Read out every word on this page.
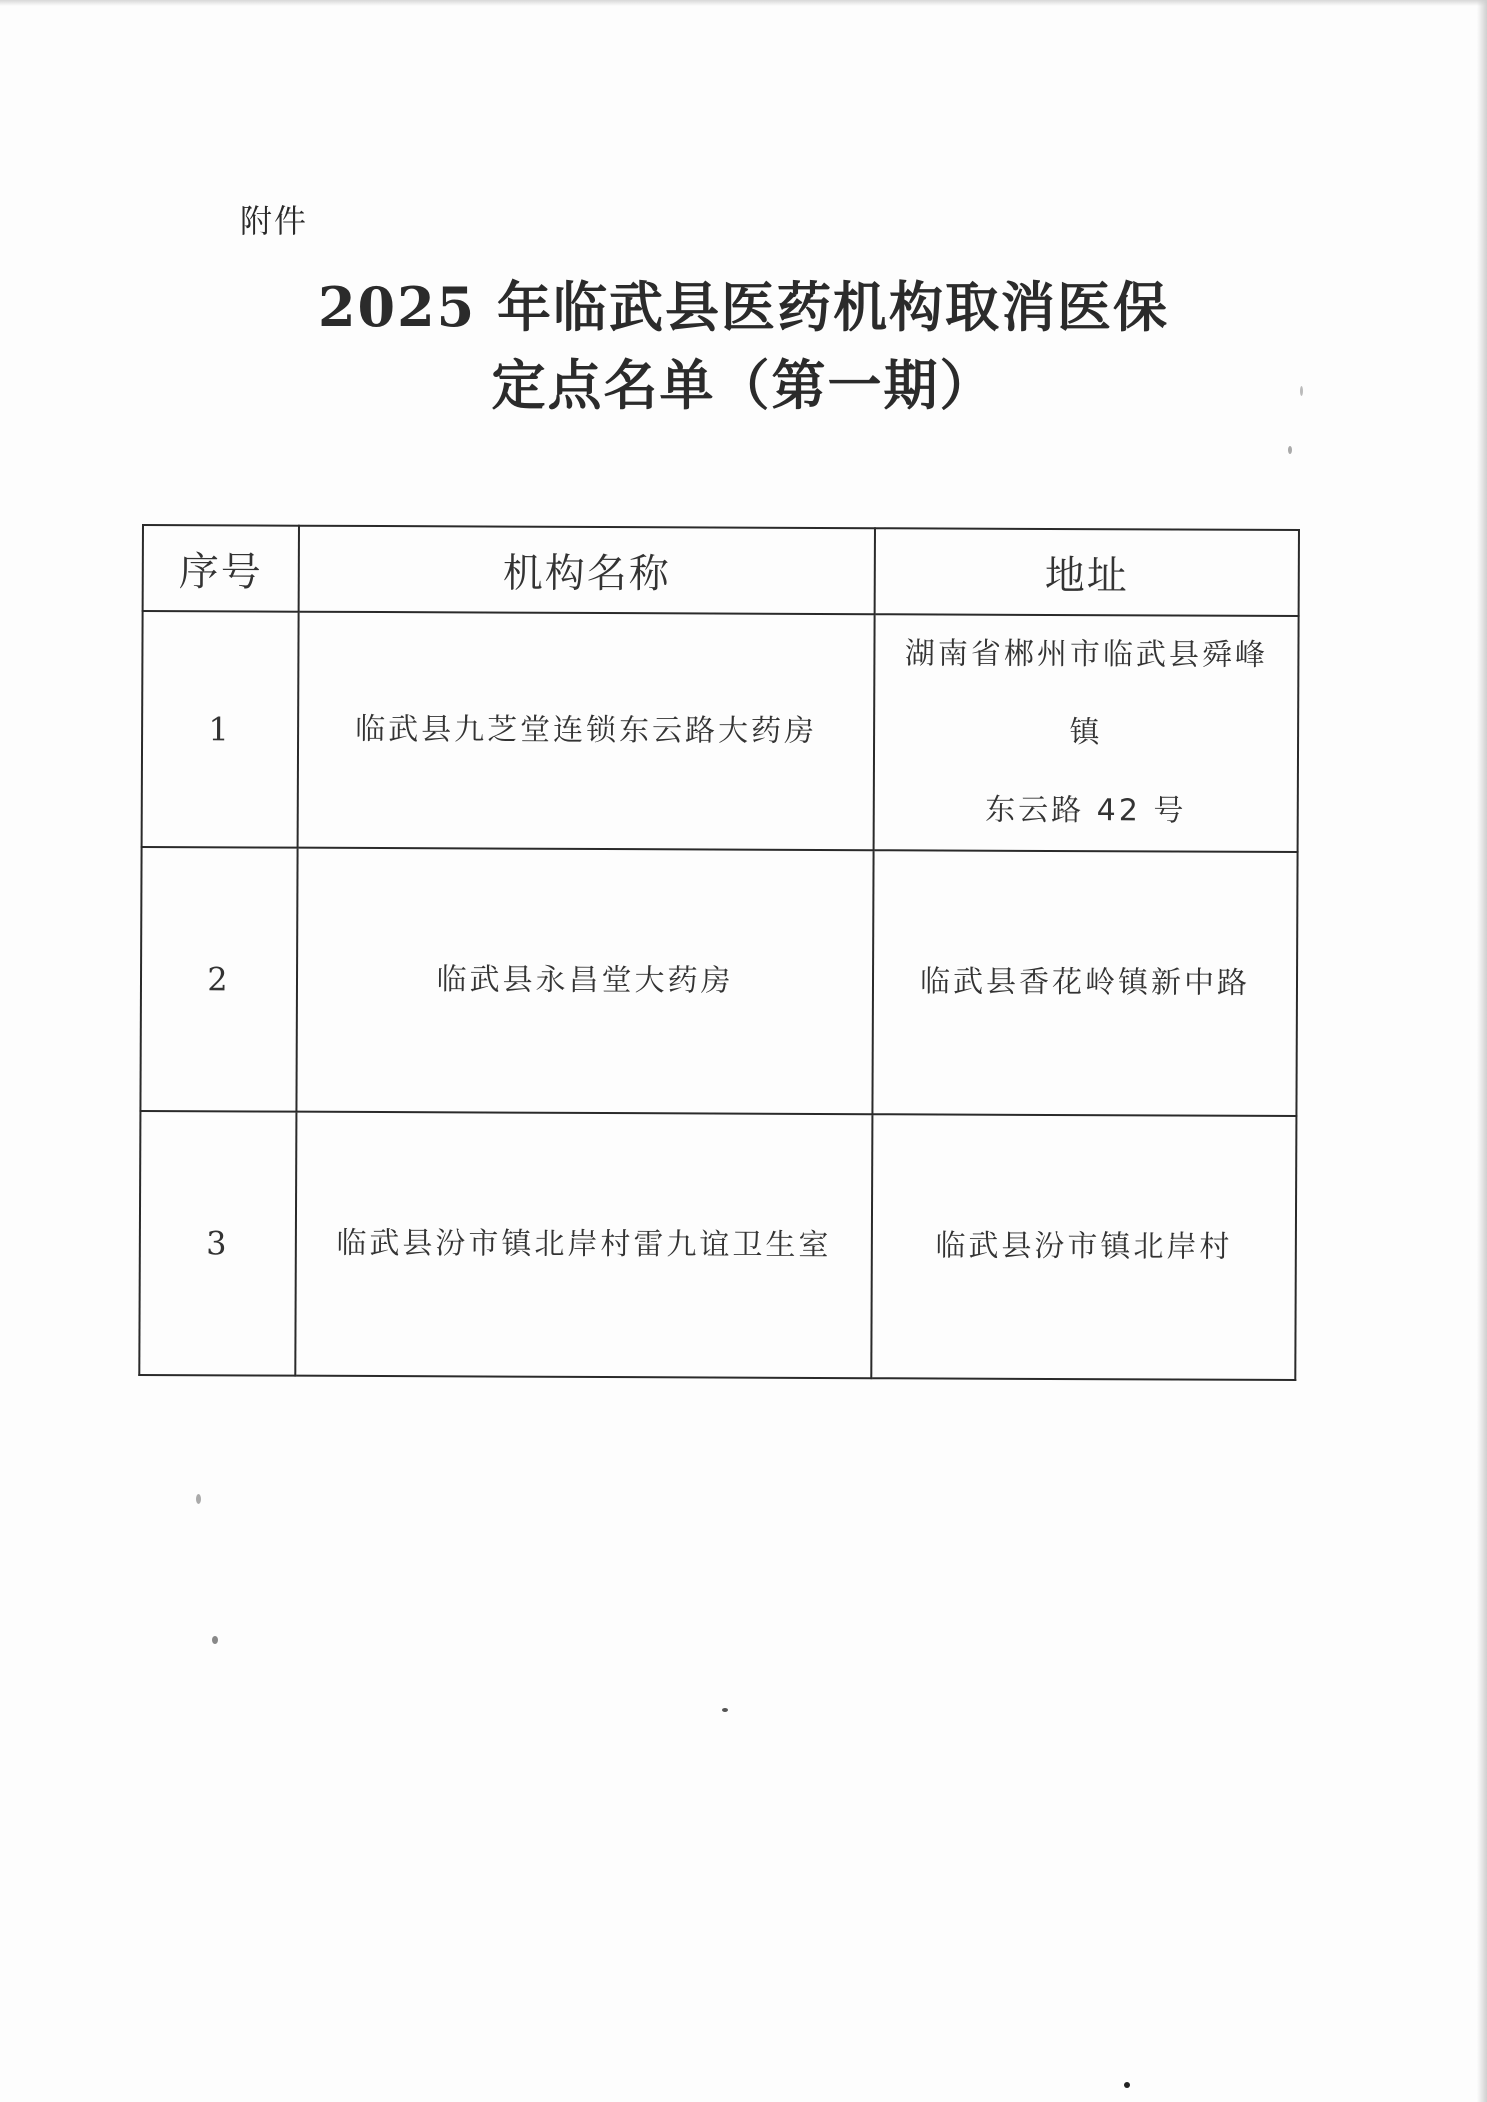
附件
2025 年临武县医药机构取消医保
定点名单（第一期）
序号	机构名称	地址
1	临武县九芝堂连锁东云路大药房	湖南省郴州市临武县舜峰镇
东云路 42 号

2	临武县永昌堂大药房	临武县香花岭镇新中路

3	临武县汾市镇北岸村雷九谊卫生室	临武县汾市镇北岸村
